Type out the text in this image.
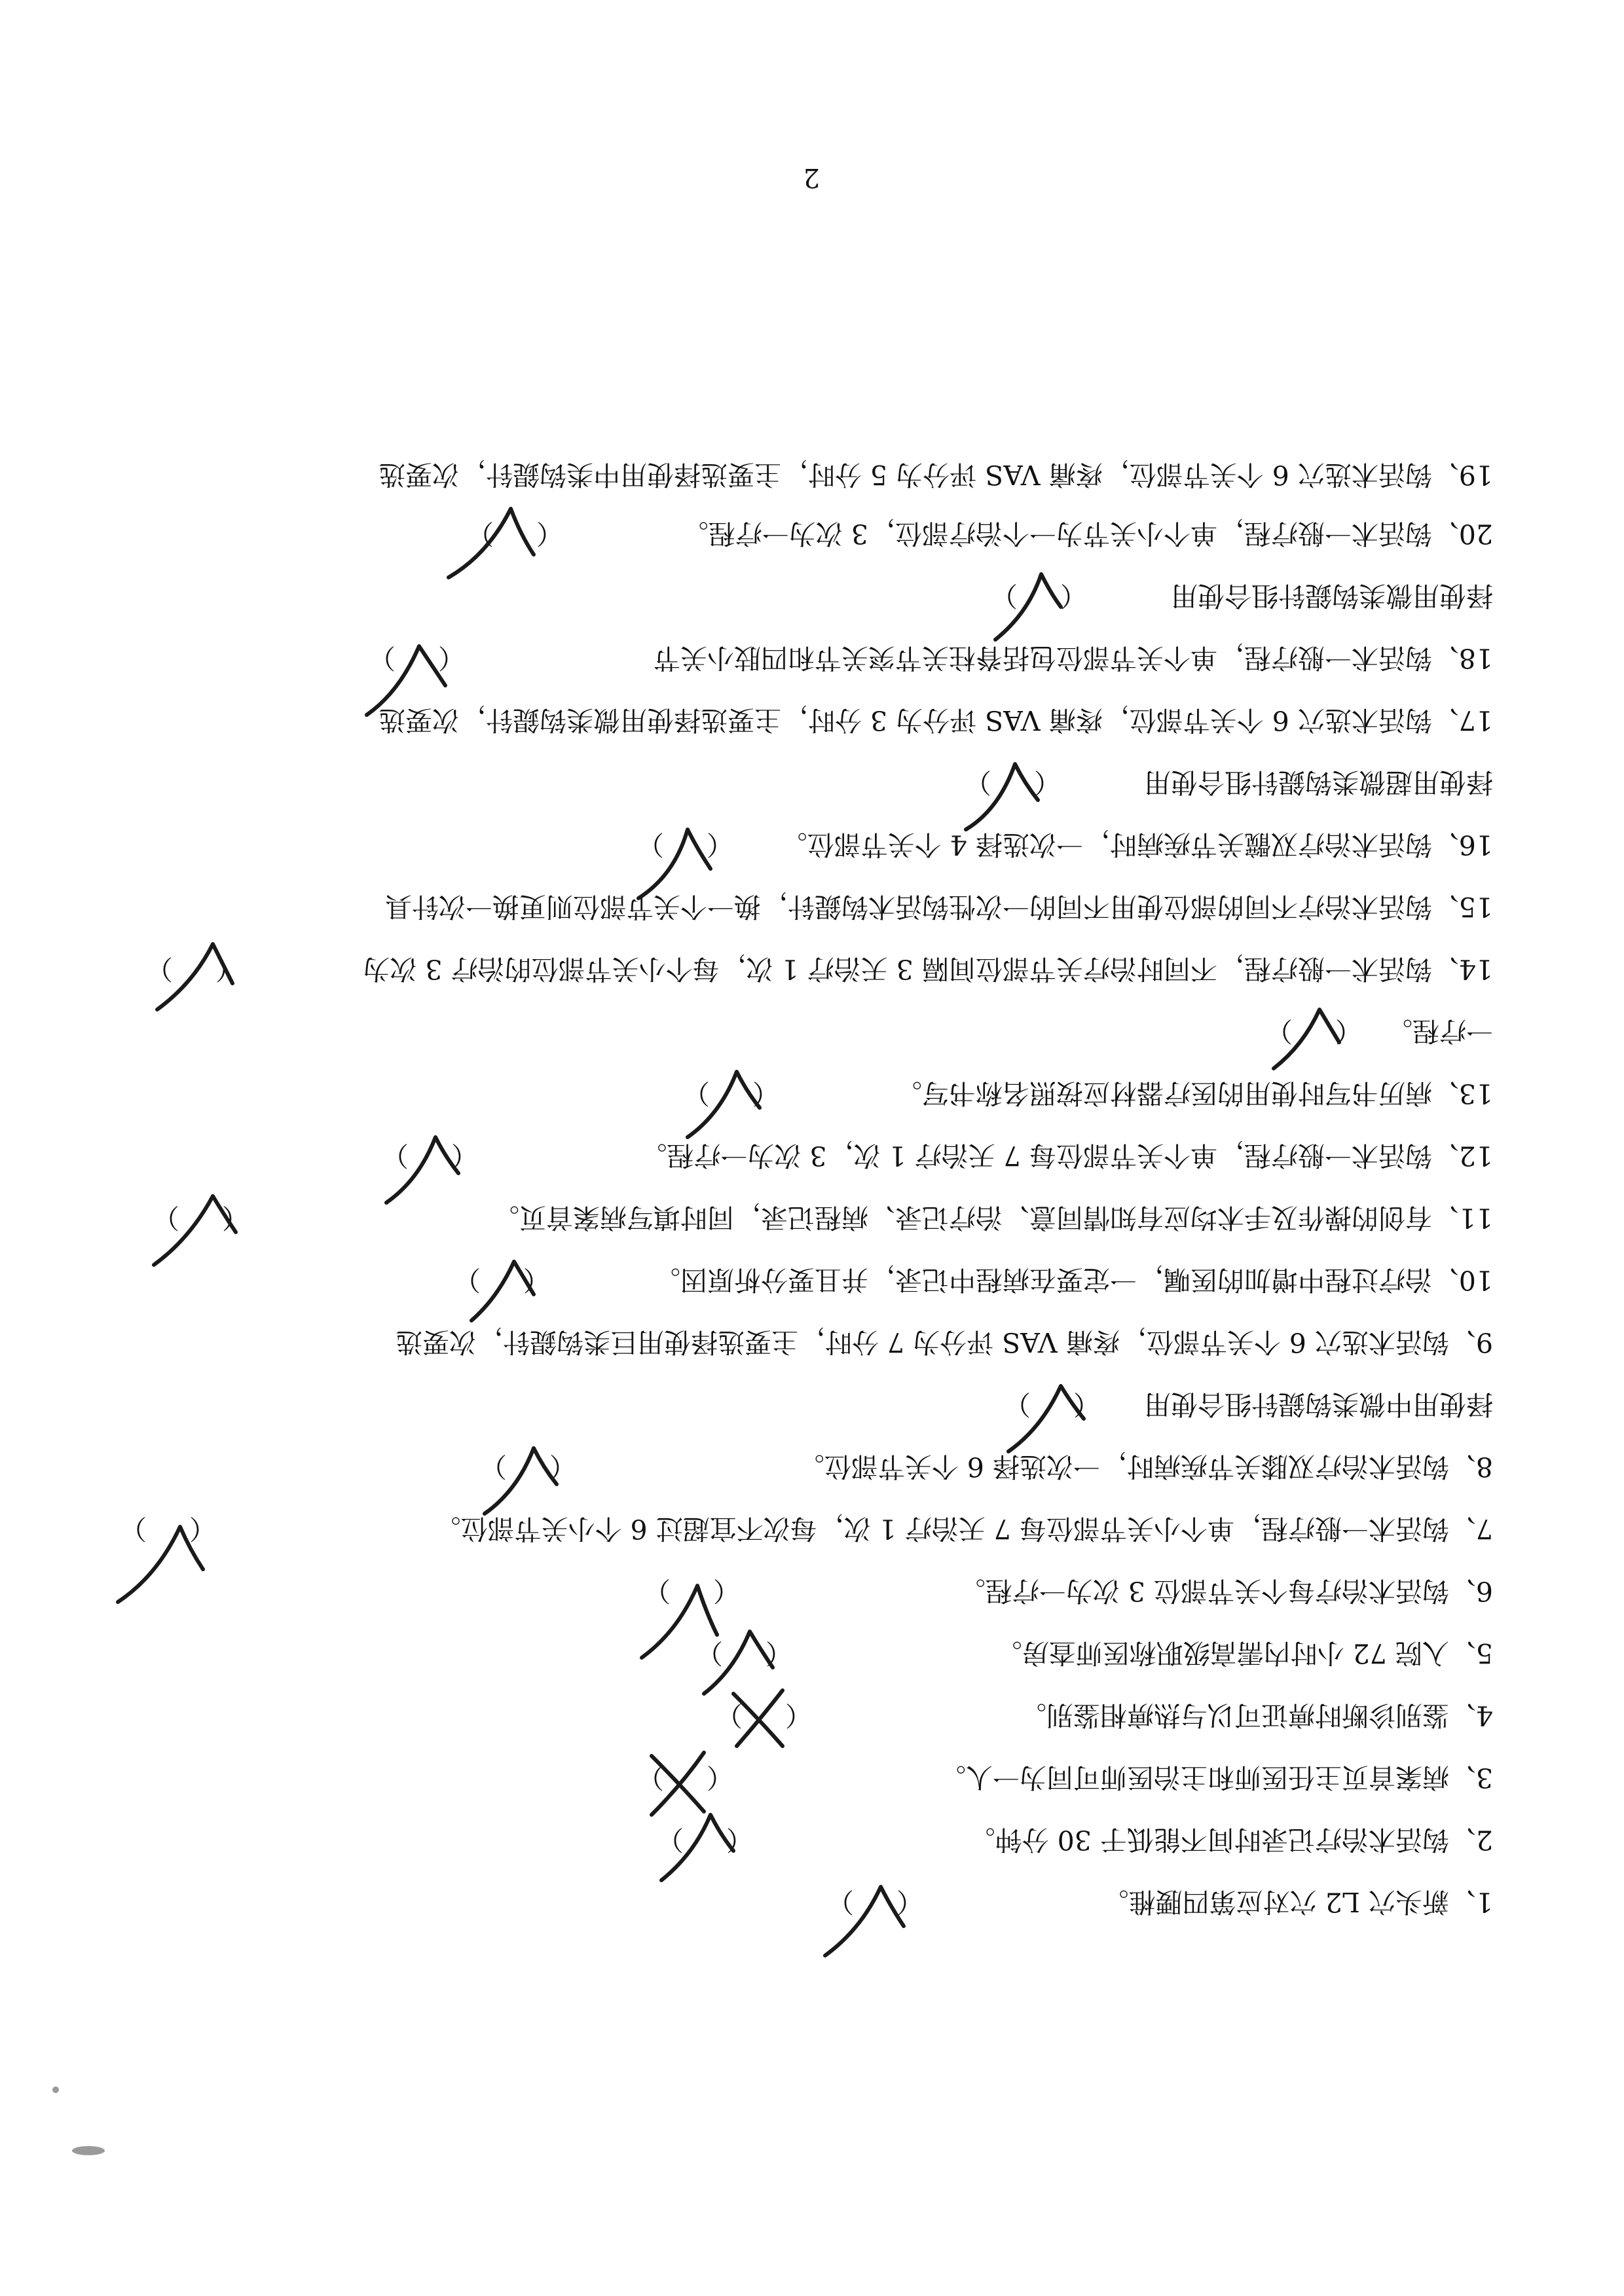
2
20、钩活术一般疗程，单个小关节为一个治疗部位，3 次为一疗程。
19、钩活术选穴 6 个关节部位，疼痛 VAS 评分为 5 分时，主要选择使用中类钩鍉针，次要选
择使用微类钩鍉针组合使用
18、钩活术一般疗程，单个关节部位包括脊柱关节突关节和四肢小关节
17、钩活术选穴 6 个关节部位，疼痛 VAS 评分为 3 分时，主要选择使用微类钩鍉针，次要选
择使用超微类钩鍉针组合使用
16、钩活术治疗双髋关节疾病时，一次选择 4 个关节部位。
15、钩活术治疗不同的部位使用不同的一次性钩活术钩鍉针，换一个关节部位则更换一次针具
14、钩活术一般疗程，不同时治疗关节部位间隔 3 天治疗 1 次，每个小关节部位的治疗 3 次为
一疗程。
13、病历书写时使用的医疗器材应按照名称书写。
12、钩活术一般疗程，单个关节部位每 7 天治疗 1 次，3 次为一疗程。
11、有创的操作及手术均应有知情同意、治疗记录、病程记录，同时填写病案首页。
10、治疗过程中增加的医嘱，一定要在病程中记录，并且要分析原因。
9、钩活术选穴 6 个关节部位，疼痛 VAS 评分为 7 分时，主要选择使用巨类钩鍉针，次要选
择使用中微类钩鍉针组合使用
8、钩活术治疗双膝关节疾病时，一次选择 6 个关节部位。
7、钩活术一般疗程，单个小关节部位每 7 天治疗 1 次，每次不宜超过 6 个小关节部位。
6、钩活术治疗每个关节部位 3 次为一疗程。
5、入院 72 小时内需高级职称医师查房。
4、鉴别诊断时痹证可以与热痹相鉴别。
3、病案首页主任医师和主治医师可同为一人。
2、钩活术治疗记录时间不能低于 30 分钟。
1、新头穴 L2 穴对应第四腰椎。
（     ）
（     ）
（     ）
（     ）
（     ）
（     ）
（     ）
（     ）
（     ）
（     ）
（     ）
（     ）
（     ）
（     ）
（     ）
（     ）
（     ）
（     ）
（     ）
（     ）
